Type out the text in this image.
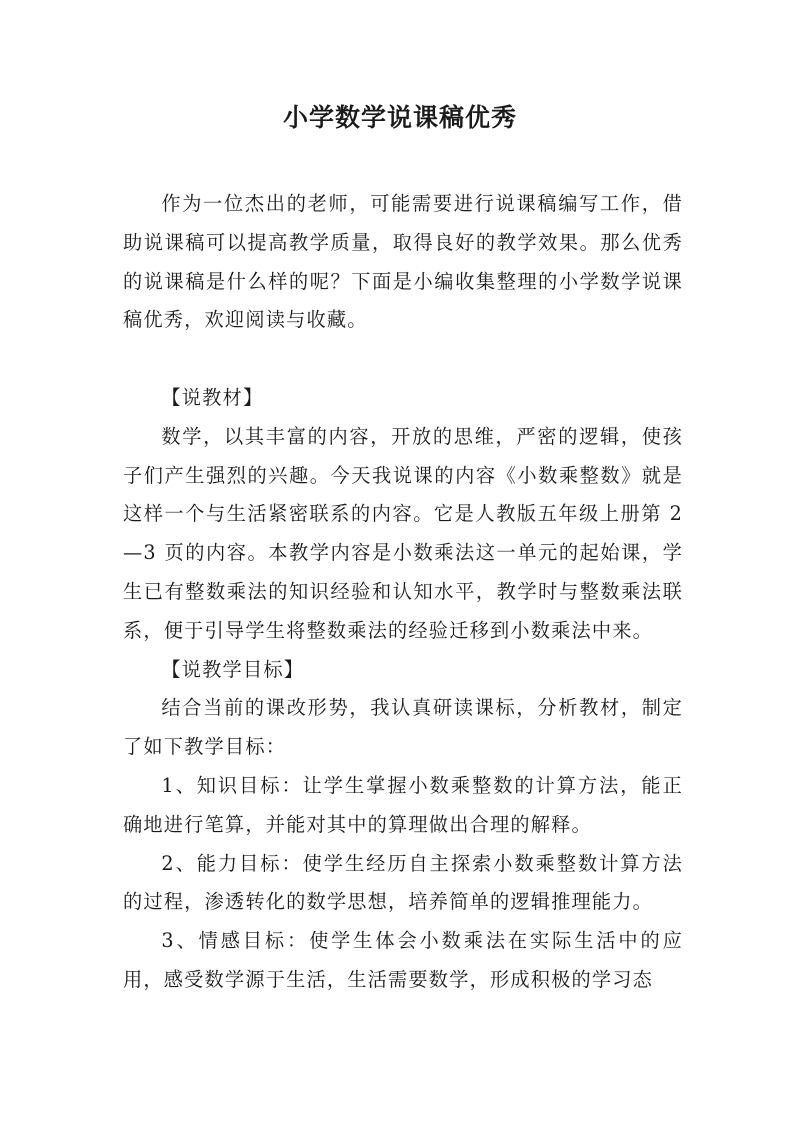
小学数学说课稿优秀

作为一位杰出的老师，可能需要进行说课稿编写工作，借助说课稿可以提高教学质量，取得良好的教学效果。那么优秀的说课稿是什么样的呢？下面是小编收集整理的小学数学说课稿优秀，欢迎阅读与收藏。

【说教材】

数学，以其丰富的内容，开放的思维，严密的逻辑，使孩子们产生强烈的兴趣。今天我说课的内容《小数乘整数》就是这样一个与生活紧密联系的内容。它是人教版五年级上册第 2—3 页的内容。本教学内容是小数乘法这一单元的起始课，学生已有整数乘法的知识经验和认知水平，教学时与整数乘法联系，便于引导学生将整数乘法的经验迁移到小数乘法中来。

【说教学目标】

结合当前的课改形势，我认真研读课标，分析教材，制定了如下教学目标：

1、知识目标：让学生掌握小数乘整数的计算方法，能正确地进行笔算，并能对其中的算理做出合理的解释。

2、能力目标：使学生经历自主探索小数乘整数计算方法的过程，渗透转化的数学思想，培养简单的逻辑推理能力。

3、情感目标：使学生体会小数乘法在实际生活中的应用，感受数学源于生活，生活需要数学，形成积极的学习态
